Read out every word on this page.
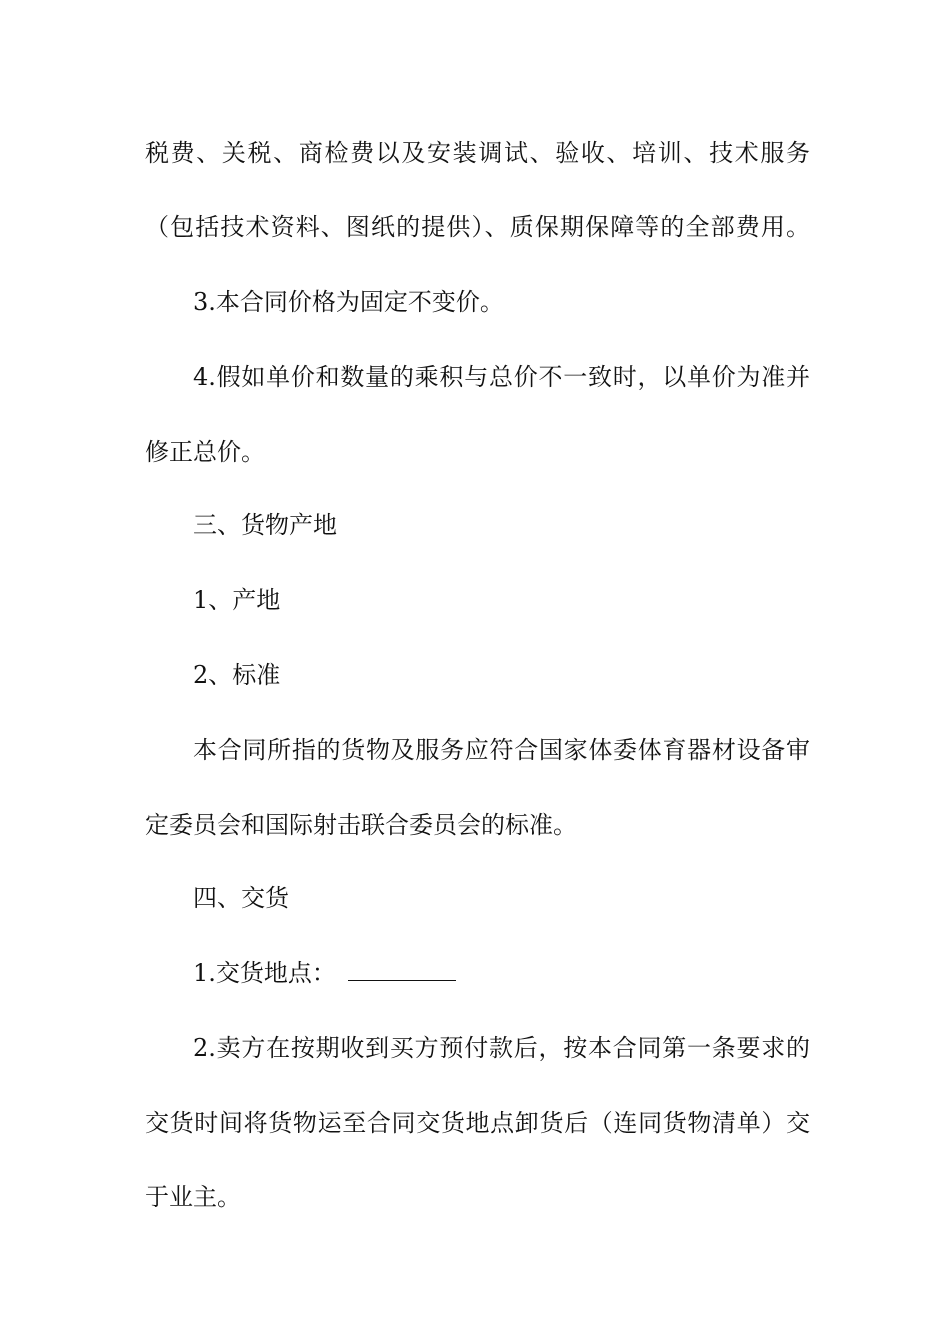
税费、关税、商检费以及安装调试、验收、培训、技术服务
（包括技术资料、图纸的提供）、质保期保障等的全部费用。
3.本合同价格为固定不变价。
4.假如单价和数量的乘积与总价不一致时，以单价为准并
修正总价。
三、货物产地
1、产地
2、标准
本合同所指的货物及服务应符合国家体委体育器材设备审
定委员会和国际射击联合委员会的标准。
四、交货
1.交货地点：
2.卖方在按期收到买方预付款后，按本合同第一条要求的
交货时间将货物运至合同交货地点卸货后（连同货物清单）交
于业主。
